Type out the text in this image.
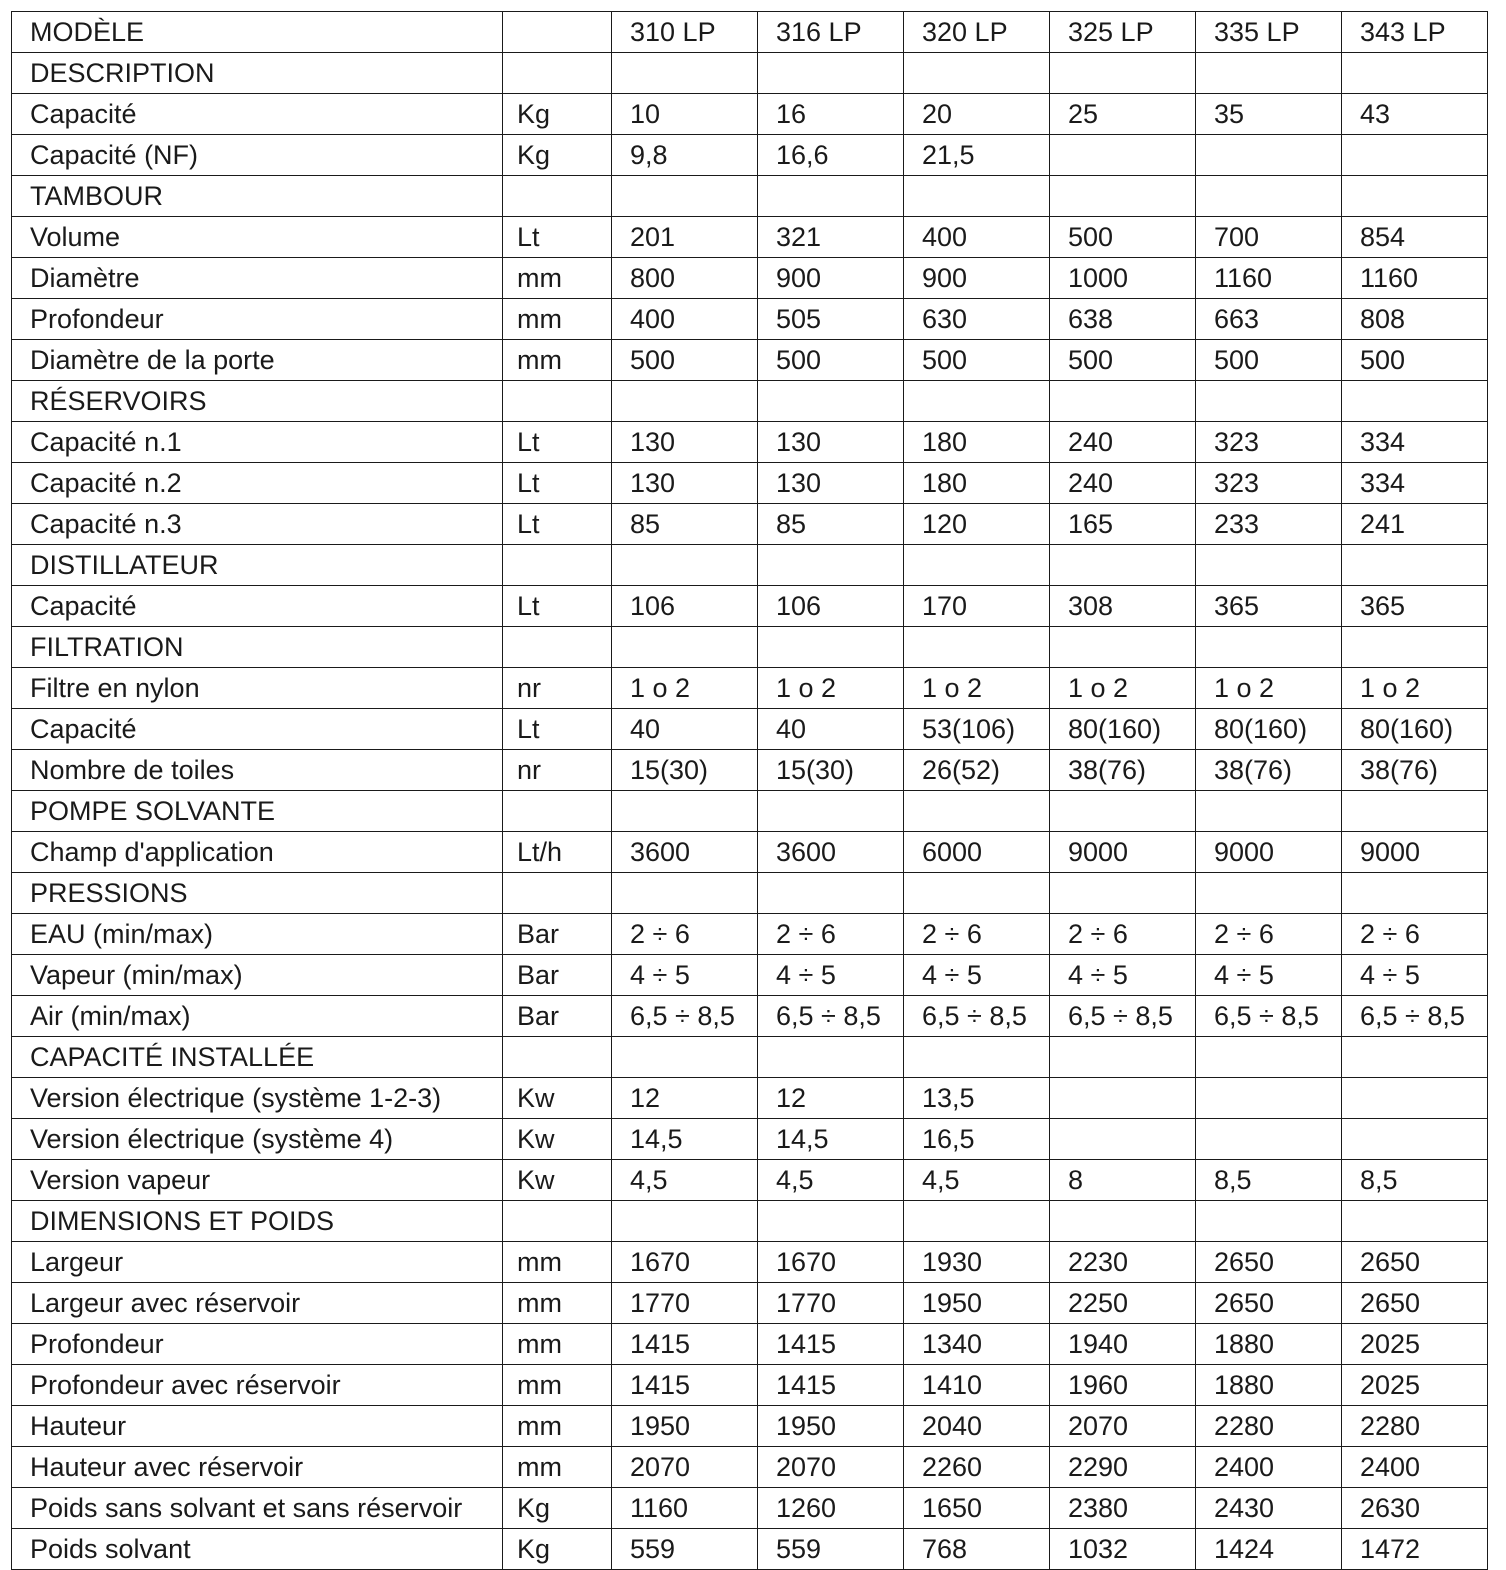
MODÈLE		310 LP	316 LP	320 LP	325 LP	335 LP	343 LP
DESCRIPTION							
Capacité	Kg	10	16	20	25	35	43
Capacité (NF)	Kg	9,8	16,6	21,5			
TAMBOUR							
Volume	Lt	201	321	400	500	700	854
Diamètre	mm	800	900	900	1000	1160	1160
Profondeur	mm	400	505	630	638	663	808
Diamètre de la porte	mm	500	500	500	500	500	500
RÉSERVOIRS							
Capacité n.1	Lt	130	130	180	240	323	334
Capacité n.2	Lt	130	130	180	240	323	334
Capacité n.3	Lt	85	85	120	165	233	241
DISTILLATEUR							
Capacité	Lt	106	106	170	308	365	365
FILTRATION							
Filtre en nylon	nr	1 o 2	1 o 2	1 o 2	1 o 2	1 o 2	1 o 2
Capacité	Lt	40	40	53(106)	80(160)	80(160)	80(160)
Nombre de toiles	nr	15(30)	15(30)	26(52)	38(76)	38(76)	38(76)
POMPE SOLVANTE							
Champ d'application	Lt/h	3600	3600	6000	9000	9000	9000
PRESSIONS							
EAU (min/max)	Bar	2 ÷ 6	2 ÷ 6	2 ÷ 6	2 ÷ 6	2 ÷ 6	2 ÷ 6
Vapeur (min/max)	Bar	4 ÷ 5	4 ÷ 5	4 ÷ 5	4 ÷ 5	4 ÷ 5	4 ÷ 5
Air (min/max)	Bar	6,5 ÷ 8,5	6,5 ÷ 8,5	6,5 ÷ 8,5	6,5 ÷ 8,5	6,5 ÷ 8,5	6,5 ÷ 8,5
CAPACITÉ INSTALLÉE							
Version électrique (système 1-2-3)	Kw	12	12	13,5			
Version électrique (système 4)	Kw	14,5	14,5	16,5			
Version vapeur	Kw	4,5	4,5	4,5	8	8,5	8,5
DIMENSIONS ET POIDS							
Largeur	mm	1670	1670	1930	2230	2650	2650
Largeur avec réservoir	mm	1770	1770	1950	2250	2650	2650
Profondeur	mm	1415	1415	1340	1940	1880	2025
Profondeur avec réservoir	mm	1415	1415	1410	1960	1880	2025
Hauteur	mm	1950	1950	2040	2070	2280	2280
Hauteur avec réservoir	mm	2070	2070	2260	2290	2400	2400
Poids sans solvant et sans réservoir	Kg	1160	1260	1650	2380	2430	2630
Poids solvant	Kg	559	559	768	1032	1424	1472
